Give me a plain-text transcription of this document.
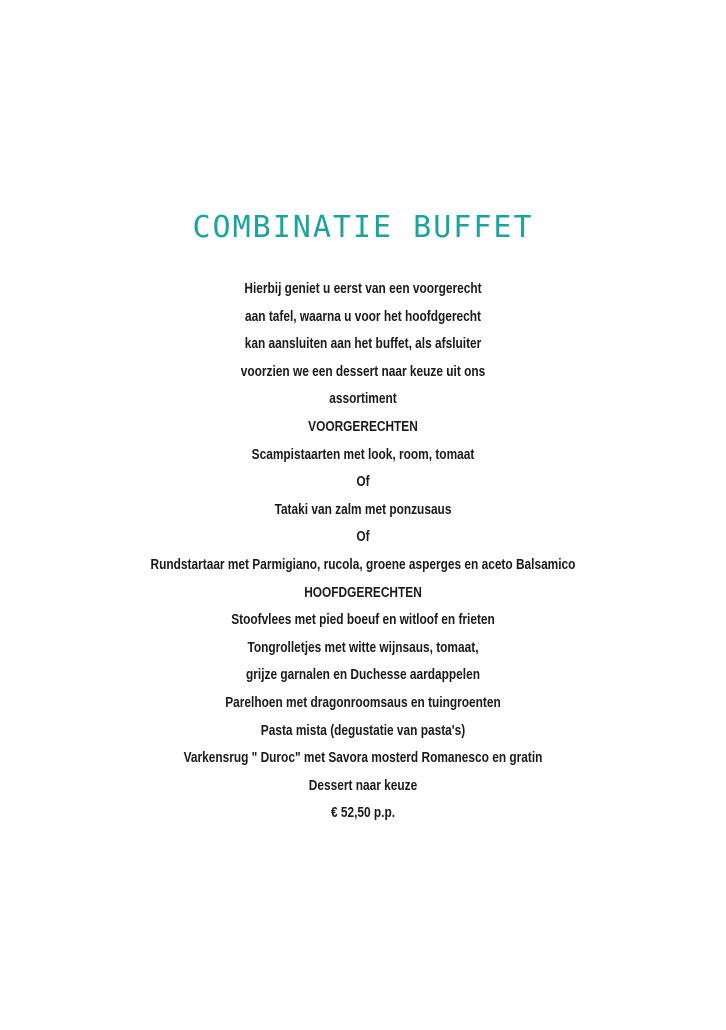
COMBINATIE BUFFET
Hierbij geniet u eerst van een voorgerecht
aan tafel, waarna u voor het hoofdgerecht
kan aansluiten aan het buffet, als afsluiter
voorzien we een dessert naar keuze uit ons
assortiment
VOORGERECHTEN
Scampistaarten met look, room, tomaat
Of
Tataki van zalm met ponzusaus
Of
Rundstartaar met Parmigiano, rucola, groene asperges en aceto Balsamico
HOOFDGERECHTEN
Stoofvlees met pied boeuf en witloof en frieten
Tongrolletjes met witte wijnsaus, tomaat,
grijze garnalen en Duchesse aardappelen
Parelhoen met dragonroomsaus en tuingroenten
Pasta mista (degustatie van pasta's)
Varkensrug " Duroc" met Savora mosterd Romanesco en gratin
Dessert naar keuze
€ 52,50 p.p.
